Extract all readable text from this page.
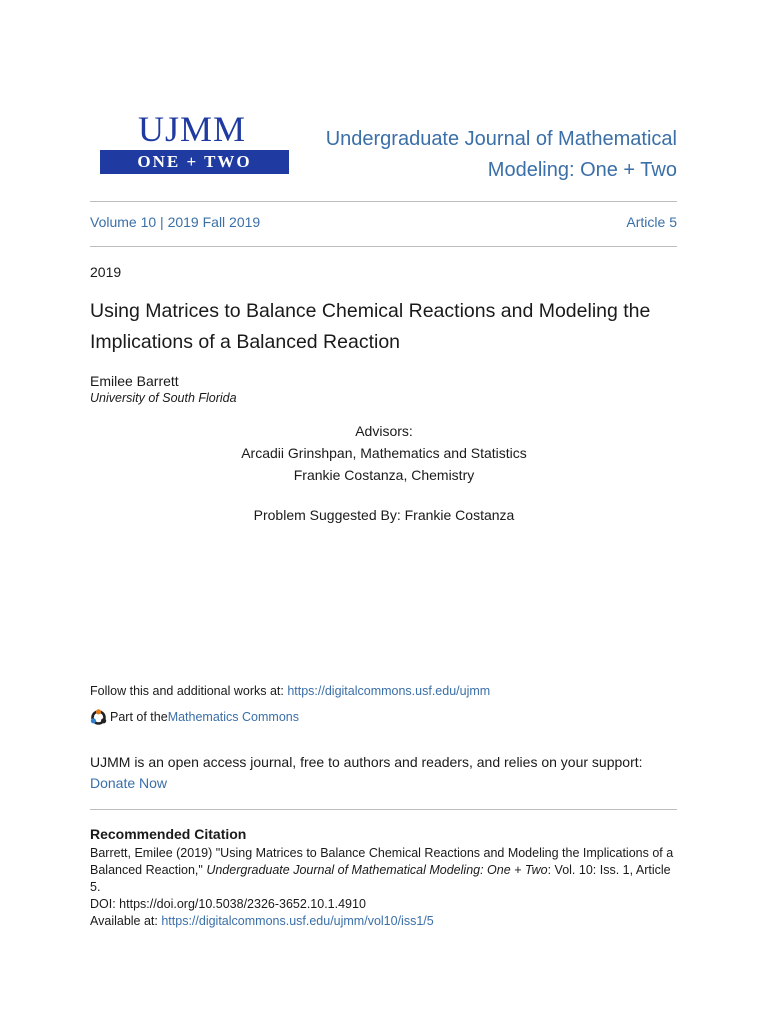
UJMM
ONE + TWO
Undergraduate Journal of Mathematical
Modeling: One + Two
Volume 10 | 2019 Fall 2019	Article 5
2019
Using Matrices to Balance Chemical Reactions and Modeling the
Implications of a Balanced Reaction
Emilee Barrett
University of South Florida
Advisors:
Arcadii Grinshpan, Mathematics and Statistics
Frankie Costanza, Chemistry
Problem Suggested By: Frankie Costanza
Follow this and additional works at: https://digitalcommons.usf.edu/ujmm
Part of the Mathematics Commons
UJMM is an open access journal, free to authors and readers, and relies on your support:
Donate Now
Recommended Citation
Barrett, Emilee (2019) "Using Matrices to Balance Chemical Reactions and Modeling the Implications of a Balanced Reaction," Undergraduate Journal of Mathematical Modeling: One + Two: Vol. 10: Iss. 1, Article 5.
DOI: https://doi.org/10.5038/2326-3652.10.1.4910
Available at: https://digitalcommons.usf.edu/ujmm/vol10/iss1/5
